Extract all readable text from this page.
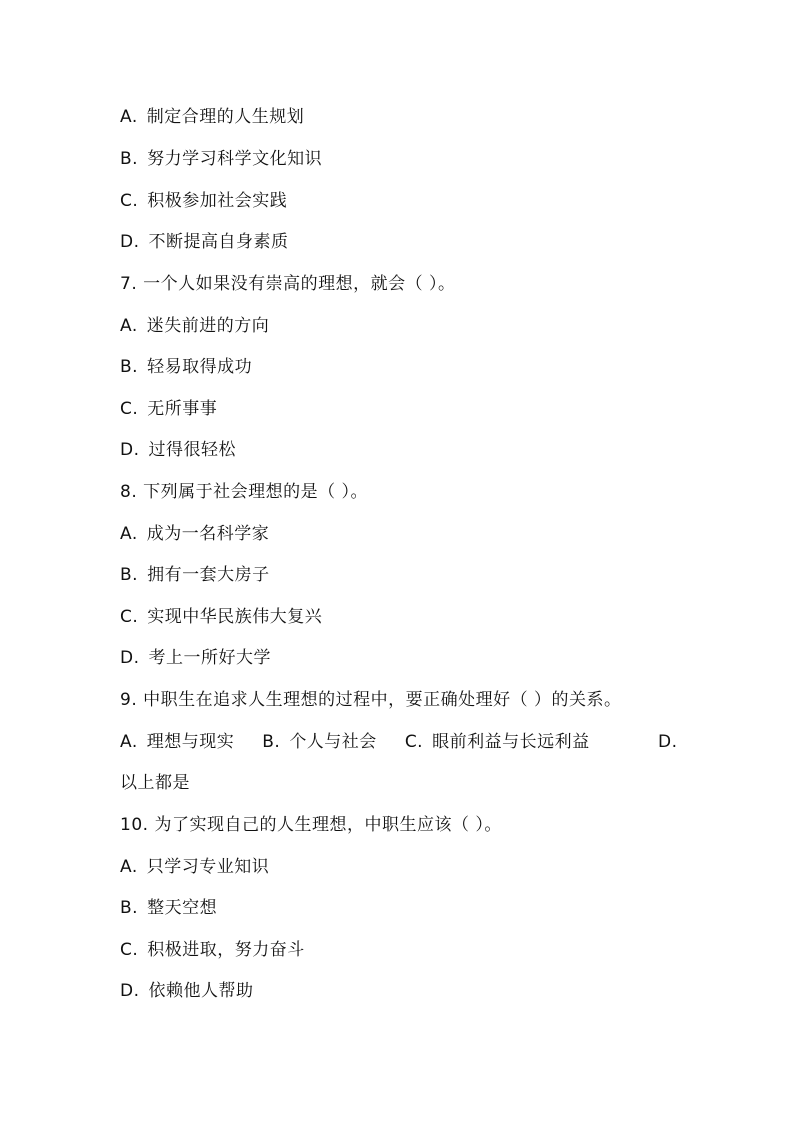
A. 制定合理的人生规划
B. 努力学习科学文化知识
C. 积极参加社会实践
D. 不断提高自身素质
7. 一个人如果没有崇高的理想，就会（ ）。
A. 迷失前进的方向
B. 轻易取得成功
C. 无所事事
D. 过得很轻松
8. 下列属于社会理想的是（ ）。
A. 成为一名科学家
B. 拥有一套大房子
C. 实现中华民族伟大复兴
D. 考上一所好大学
9. 中职生在追求人生理想的过程中，要正确处理好（ ）的关系。
A. 理想与现实 B. 个人与社会 C. 眼前利益与长远利益	D.
以上都是
10. 为了实现自己的人生理想，中职生应该（ ）。
A. 只学习专业知识
B. 整天空想
C. 积极进取，努力奋斗
D. 依赖他人帮助
